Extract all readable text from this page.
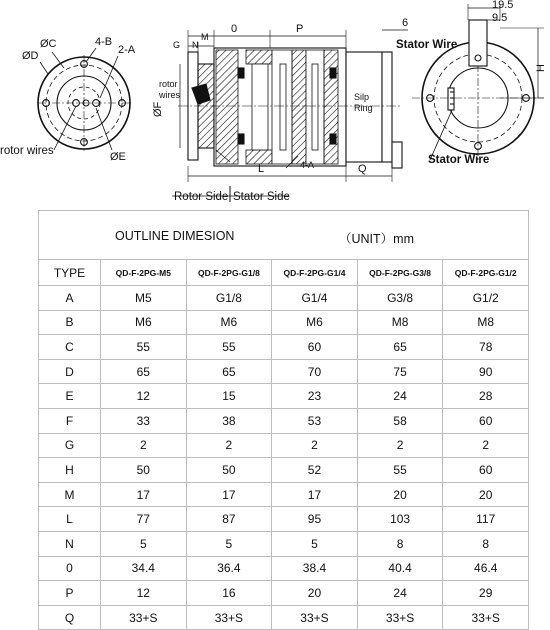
ØC
ØD
4-B
2-A
ØE
rotor wires
G N
M
0	P
ØF
L	4-A	Q
rotor
wires	Silp
Ring
Stator Wire
6
Rotor Side Stator Side
19.5
9.5
H
Stator Wire
OUTLINE DIMESION （UNIT）mm					

TYPE	QD-F-2PG-M5	QD-F-2PG-G1/8	QD-F-2PG-G1/4	QD-F-2PG-G3/8	QD-F-2PG-G1/2
A	M5	G1/8	G1/4	G3/8	G1/2
B	M6	M6	M6	M8	M8
C	55	55	60	65	78
D	65	65	70	75	90
E	12	15	23	24	28
F	33	38	53	58	60
G	2	2	2	2	2
H	50	50	52	55	60
M	17	17	17	20	20
L	77	87	95	103	117
N	5	5	5	8	8
0	34.4	36.4	38.4	40.4	46.4
P	12	16	20	24	29
Q	33+S	33+S	33+S	33+S	33+S
